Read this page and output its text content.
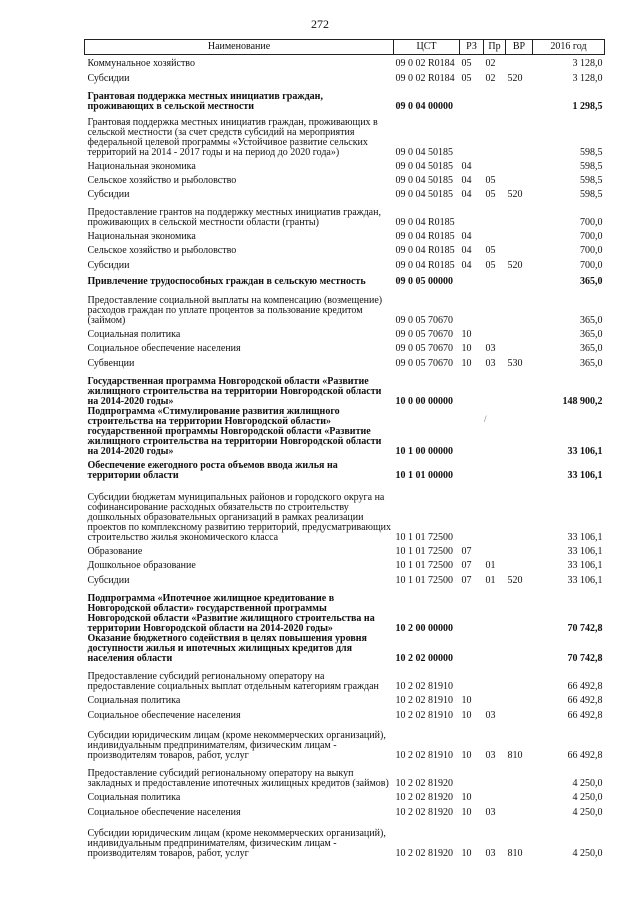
272
Наименование	ЦСТ	РЗ	Пр	ВР	2016 год
Коммунальное хозяйство	09 0 02 R0184	05	02		3 128,0
Субсидии	09 0 02 R0184	05	02	520	3 128,0
Грантовая поддержка местных инициатив граждан, проживающих в сельской местности	09 0 04 00000				1 298,5
Грантовая поддержка местных инициатив граждан, проживающих в сельской местности (за счет средств субсидий на мероприятия федеральной целевой программы «Устойчивое развитие сельских территорий на 2014 - 2017 годы и на период до 2020 года»)	09 0 04 50185				598,5
Национальная экономика	09 0 04 50185	04			598,5
Сельское хозяйство и рыболовство	09 0 04 50185	04	05		598,5
Субсидии	09 0 04 50185	04	05	520	598,5
Предоставление грантов на поддержку местных инициатив граждан, проживающих в сельской местности области (гранты)	09 0 04 R0185				700,0
Национальная экономика	09 0 04 R0185	04			700,0
Сельское хозяйство и рыболовство	09 0 04 R0185	04	05		700,0
Субсидии	09 0 04 R0185	04	05	520	700,0
Привлечение трудоспособных граждан в сельскую местность	09 0 05 00000				365,0
Предоставление социальной выплаты на компенсацию (возмещение) расходов граждан по уплате процентов за пользование кредитом (займом)	09 0 05 70670				365,0
Социальная политика	09 0 05 70670	10			365,0
Социальное обеспечение населения	09 0 05 70670	10	03		365,0
Субвенции	09 0 05 70670	10	03	530	365,0
Государственная программа Новгородской области «Развитие жилищного строительства на территории Новгородской области на 2014-2020 годы»	10 0 00 00000				148 900,2
Подпрограмма «Стимулирование развития жилищного строительства на территории Новгородской области» государственной программы Новгородской области «Развитие жилищного строительства на территории Новгородской области на 2014-2020 годы»	10 1 00 00000				33 106,1
Обеспечение ежегодного роста объемов ввода жилья на территории области	10 1 01 00000				33 106,1
Субсидии бюджетам муниципальных районов и городского округа на софинансирование расходных обязательств по строительству дошкольных образовательных организаций в рамках реализации проектов по комплексному развитию территорий, предусматривающих строительство жилья экономического класса	10 1 01 72500				33 106,1
Образование	10 1 01 72500	07			33 106,1
Дошкольное образование	10 1 01 72500	07	01		33 106,1
Субсидии	10 1 01 72500	07	01	520	33 106,1
Подпрограмма «Ипотечное жилищное кредитование в Новгородской области» государственной программы Новгородской области «Развитие жилищного строительства на территории Новгородской области на 2014-2020 годы»	10 2 00 00000				70 742,8
Оказание бюджетного содействия в целях повышения уровня доступности жилья и ипотечных жилищных кредитов для населения области	10 2 02 00000				70 742,8
Предоставление субсидий региональному оператору на предоставление социальных выплат отдельным категориям граждан	10 2 02 81910				66 492,8
Социальная политика	10 2 02 81910	10			66 492,8
Социальное обеспечение населения	10 2 02 81910	10	03		66 492,8
Субсидии юридическим лицам (кроме некоммерческих организаций), индивидуальным предпринимателям, физическим лицам - производителям товаров, работ, услуг	10 2 02 81910	10	03	810	66 492,8
Предоставление субсидий региональному оператору на выкуп закладных и предоставление ипотечных жилищных кредитов (займов)	10 2 02 81920				4 250,0
Социальная политика	10 2 02 81920	10			4 250,0
Социальное обеспечение населения	10 2 02 81920	10	03		4 250,0
Субсидии юридическим лицам (кроме некоммерческих организаций), индивидуальным предпринимателям, физическим лицам - производителям товаров, работ, услуг	10 2 02 81920	10	03	810	4 250,0
/
